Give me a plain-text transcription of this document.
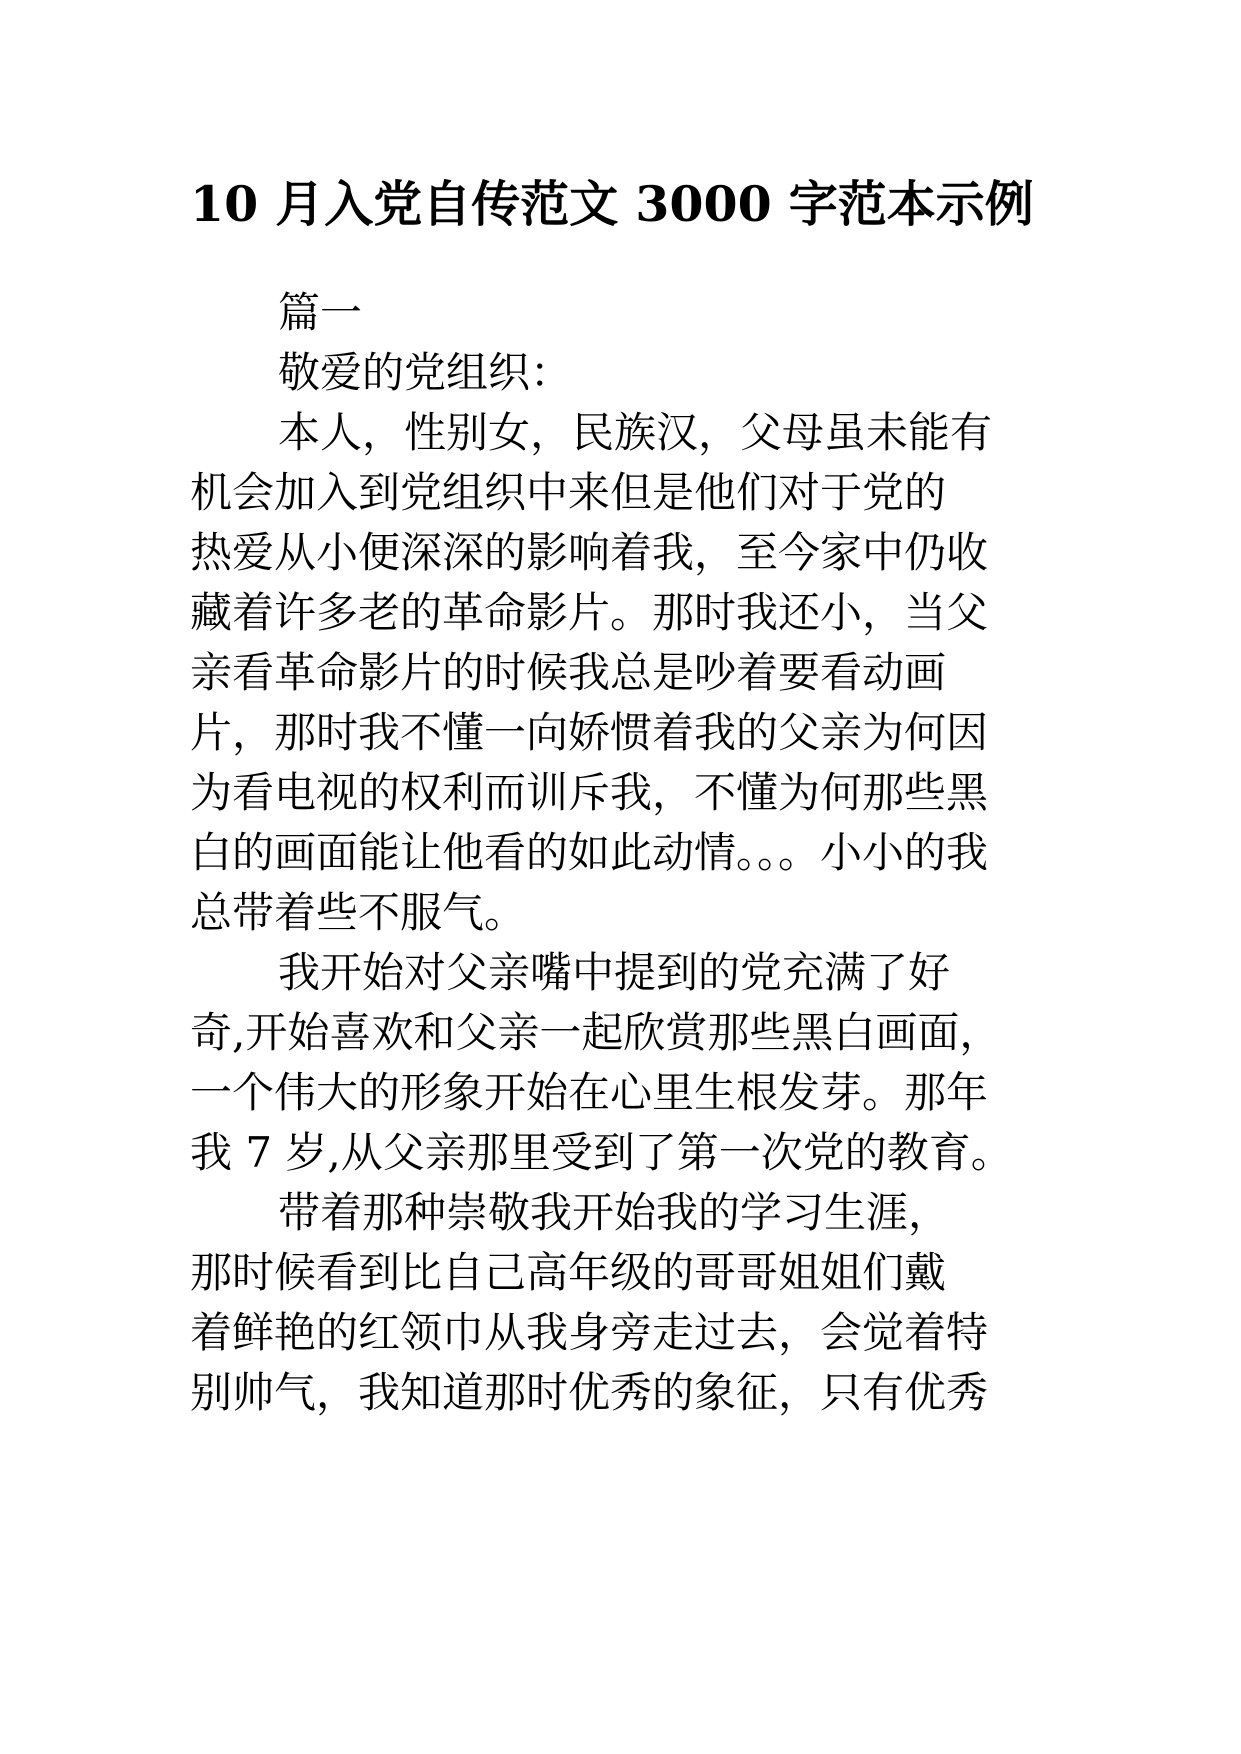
10 月入党自传范文 3000 字范本示例

篇一

敬爱的党组织：

本人，性别女，民族汉，父母虽未能有

机会加入到党组织中来但是他们对于党的

热爱从小便深深的影响着我，至今家中仍收

藏着许多老的革命影片。那时我还小，当父

亲看革命影片的时候我总是吵着要看动画

片，那时我不懂一向娇惯着我的父亲为何因

为看电视的权利而训斥我，不懂为何那些黑

白的画面能让他看的如此动情。。。小小的我

总带着些不服气。

我开始对父亲嘴中提到的党充满了好

奇,开始喜欢和父亲一起欣赏那些黑白画面，

一个伟大的形象开始在心里生根发芽。那年

我 7 岁,从父亲那里受到了第一次党的教育。

带着那种崇敬我开始我的学习生涯，

那时候看到比自己高年级的哥哥姐姐们戴

着鲜艳的红领巾从我身旁走过去，会觉着特

别帅气，我知道那时优秀的象征，只有优秀
